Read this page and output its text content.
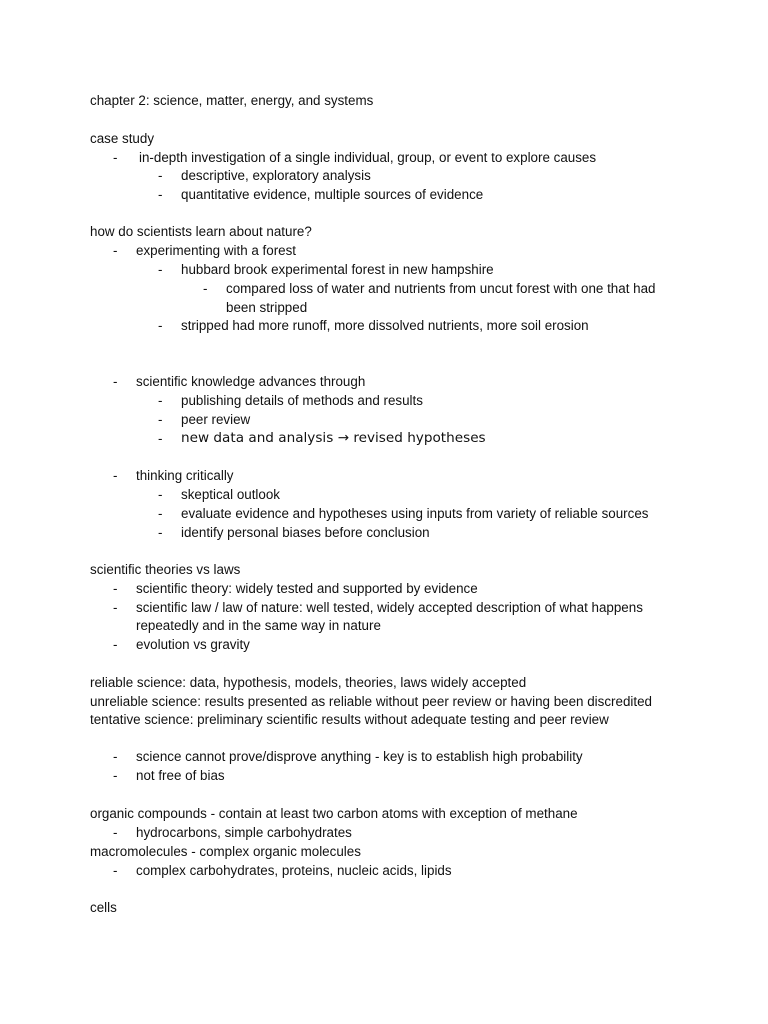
chapter 2: science, matter, energy, and systems
case study
- in-depth investigation of a single individual, group, or event to explore causes
- descriptive, exploratory analysis
- quantitative evidence, multiple sources of evidence
how do scientists learn about nature?
- experimenting with a forest
- hubbard brook experimental forest in new hampshire
- compared loss of water and nutrients from uncut forest with one that had
been stripped
- stripped had more runoff, more dissolved nutrients, more soil erosion
- scientific knowledge advances through
- publishing details of methods and results
- peer review
- new data and analysis → revised hypotheses
- thinking critically
- skeptical outlook
- evaluate evidence and hypotheses using inputs from variety of reliable sources
- identify personal biases before conclusion
scientific theories vs laws
- scientific theory: widely tested and supported by evidence
- scientific law / law of nature: well tested, widely accepted description of what happens
repeatedly and in the same way in nature
- evolution vs gravity
reliable science: data, hypothesis, models, theories, laws widely accepted
unreliable science: results presented as reliable without peer review or having been discredited
tentative science: preliminary scientific results without adequate testing and peer review
- science cannot prove/disprove anything - key is to establish high probability
- not free of bias
organic compounds - contain at least two carbon atoms with exception of methane
- hydrocarbons, simple carbohydrates
macromolecules - complex organic molecules
- complex carbohydrates, proteins, nucleic acids, lipids
cells
